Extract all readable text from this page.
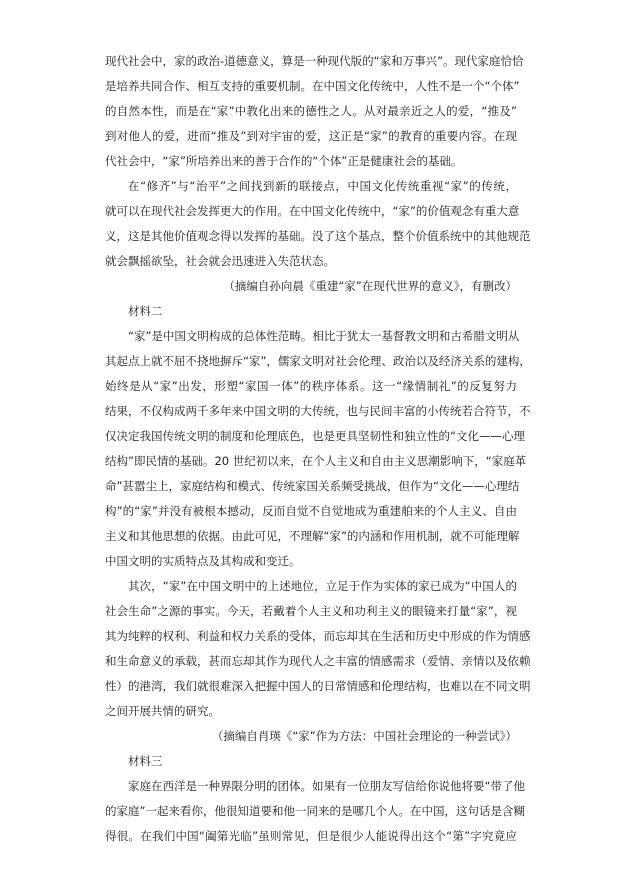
现代社会中，家的政治-道德意义，算是一种现代版的“家和万事兴”。现代家庭恰恰
是培养共同合作、相互支持的重要机制。在中国文化传统中，人性不是一个“个体”
的自然本性，而是在“家”中教化出来的德性之人。从对最亲近之人的爱，“推及”
到对他人的爱，进而“推及”到对宇宙的爱，这正是“家”的教育的重要内容。在现
代社会中，“家”所培养出来的善于合作的“个体”正是健康社会的基础。
在“修齐”与“治平”之间找到新的联接点，中国文化传统重视“家”的传统，
就可以在现代社会发挥更大的作用。在中国文化传统中，“家”的价值观念有重大意
义，这是其他价值观念得以发挥的基础。没了这个基点，整个价值系统中的其他规范
就会飘摇欲坠，社会就会迅速进入失范状态。
（摘编自孙向晨《重建“家”在现代世界的意义》，有删改）
材料二
“家”是中国文明构成的总体性范畴。相比于犹太一基督教文明和古希腊文明从
其起点上就不屈不挠地摒斥“家”，儒家文明对社会伦理、政治以及经济关系的建构，
始终是从“家”出发，形塑“家国一体”的秩序体系。这一“缘情制礼”的反复努力
结果，不仅构成两千多年来中国文明的大传统，也与民间丰富的小传统若合符节，不
仅决定我国传统文明的制度和伦理底色，也是更具坚韧性和独立性的“文化——心理
结构”即民情的基础。20 世纪初以来，在个人主义和自由主义思潮影响下，“家庭革
命”甚嚣尘上，家庭结构和模式、传统家国关系频受挑战，但作为“文化——心理结
构”的“家”并没有被根本撼动，反而自觉不自觉地成为重建舶来的个人主义、自由
主义和其他思想的依据。由此可见，不理解“家”的内涵和作用机制，就不可能理解
中国文明的实质特点及其构成和变迁。
其次，“家”在中国文明中的上述地位，立足于作为实体的家已成为“中国人的
社会生命”之源的事实。今天，若戴着个人主义和功利主义的眼镜来打量“家”，视
其为纯粹的权利、利益和权力关系的受体，而忘却其在生活和历史中形成的作为情感
和生命意义的承载，甚而忘却其作为现代人之丰富的情感需求（爱情、亲情以及依赖
性）的港湾，我们就很难深入把握中国人的日常情感和伦理结构，也难以在不同文明
之间开展共情的研究。
（摘编自肖瑛《“家”作为方法：中国社会理论的一种尝试》）
材料三
家庭在西洋是一种界限分明的团体。如果有一位朋友写信给你说他将要“带了他
的家庭”一起来看你，他很知道要和他一同来的是哪几个人。在中国，这句话是含糊
得很。在我们中国“阖第光临”虽则常见，但是很少人能说得出这个“第”字究竟应
